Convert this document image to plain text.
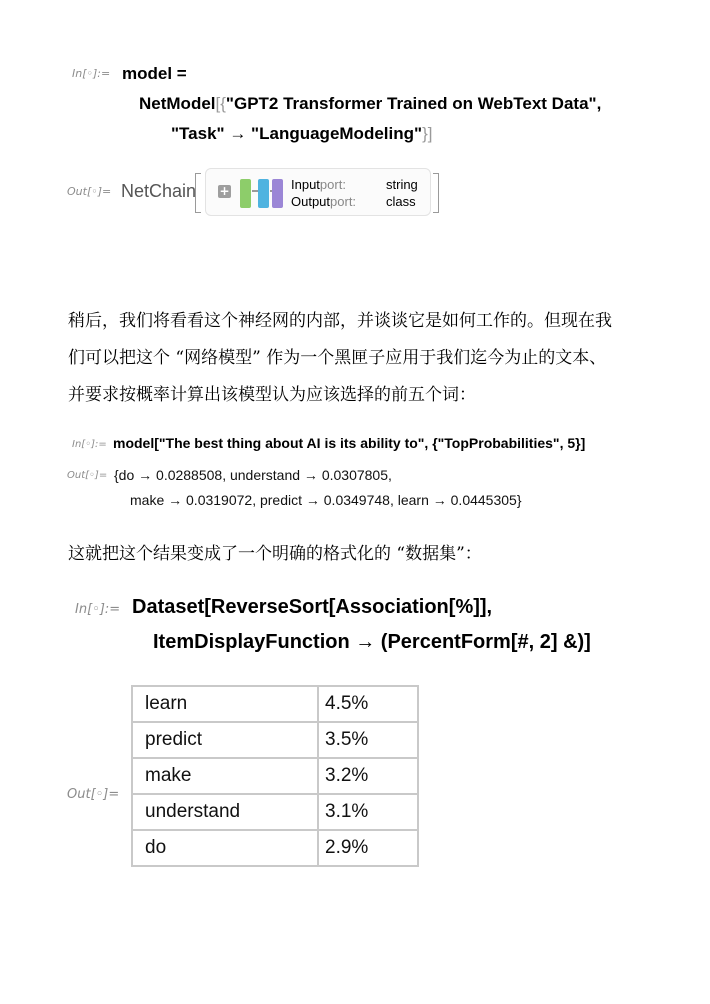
In[◦]:= model =
NetModel[{"GPT2 Transformer Trained on WebText Data",
"Task" → "LanguageModeling"}]
Out[◦]= NetChain +	Inputport:	string
Outputport: class
稍后，我们将看看这个神经网的内部，并谈谈它是如何工作的。但现在我
们可以把这个 “网络模型” 作为一个黑匣子应用于我们迄今为止的文本、
并要求按概率计算出该模型认为应该选择的前五个词：
In[◦]:= model["The best thing about AI is its ability to", {"TopProbabilities", 5}]
Out[◦]= {do → 0.0288508, understand → 0.0307805,
make → 0.0319072, predict → 0.0349748, learn → 0.0445305}
这就把这个结果变成了一个明确的格式化的 “数据集”：
In[◦]:= Dataset[ReverseSort[Association[%]],
ItemDisplayFunction → (PercentForm[#, 2] &)]
Out[◦]=
learn	4.5%
predict	3.5%
make	3.2%
understand	3.1%
do	2.9%
